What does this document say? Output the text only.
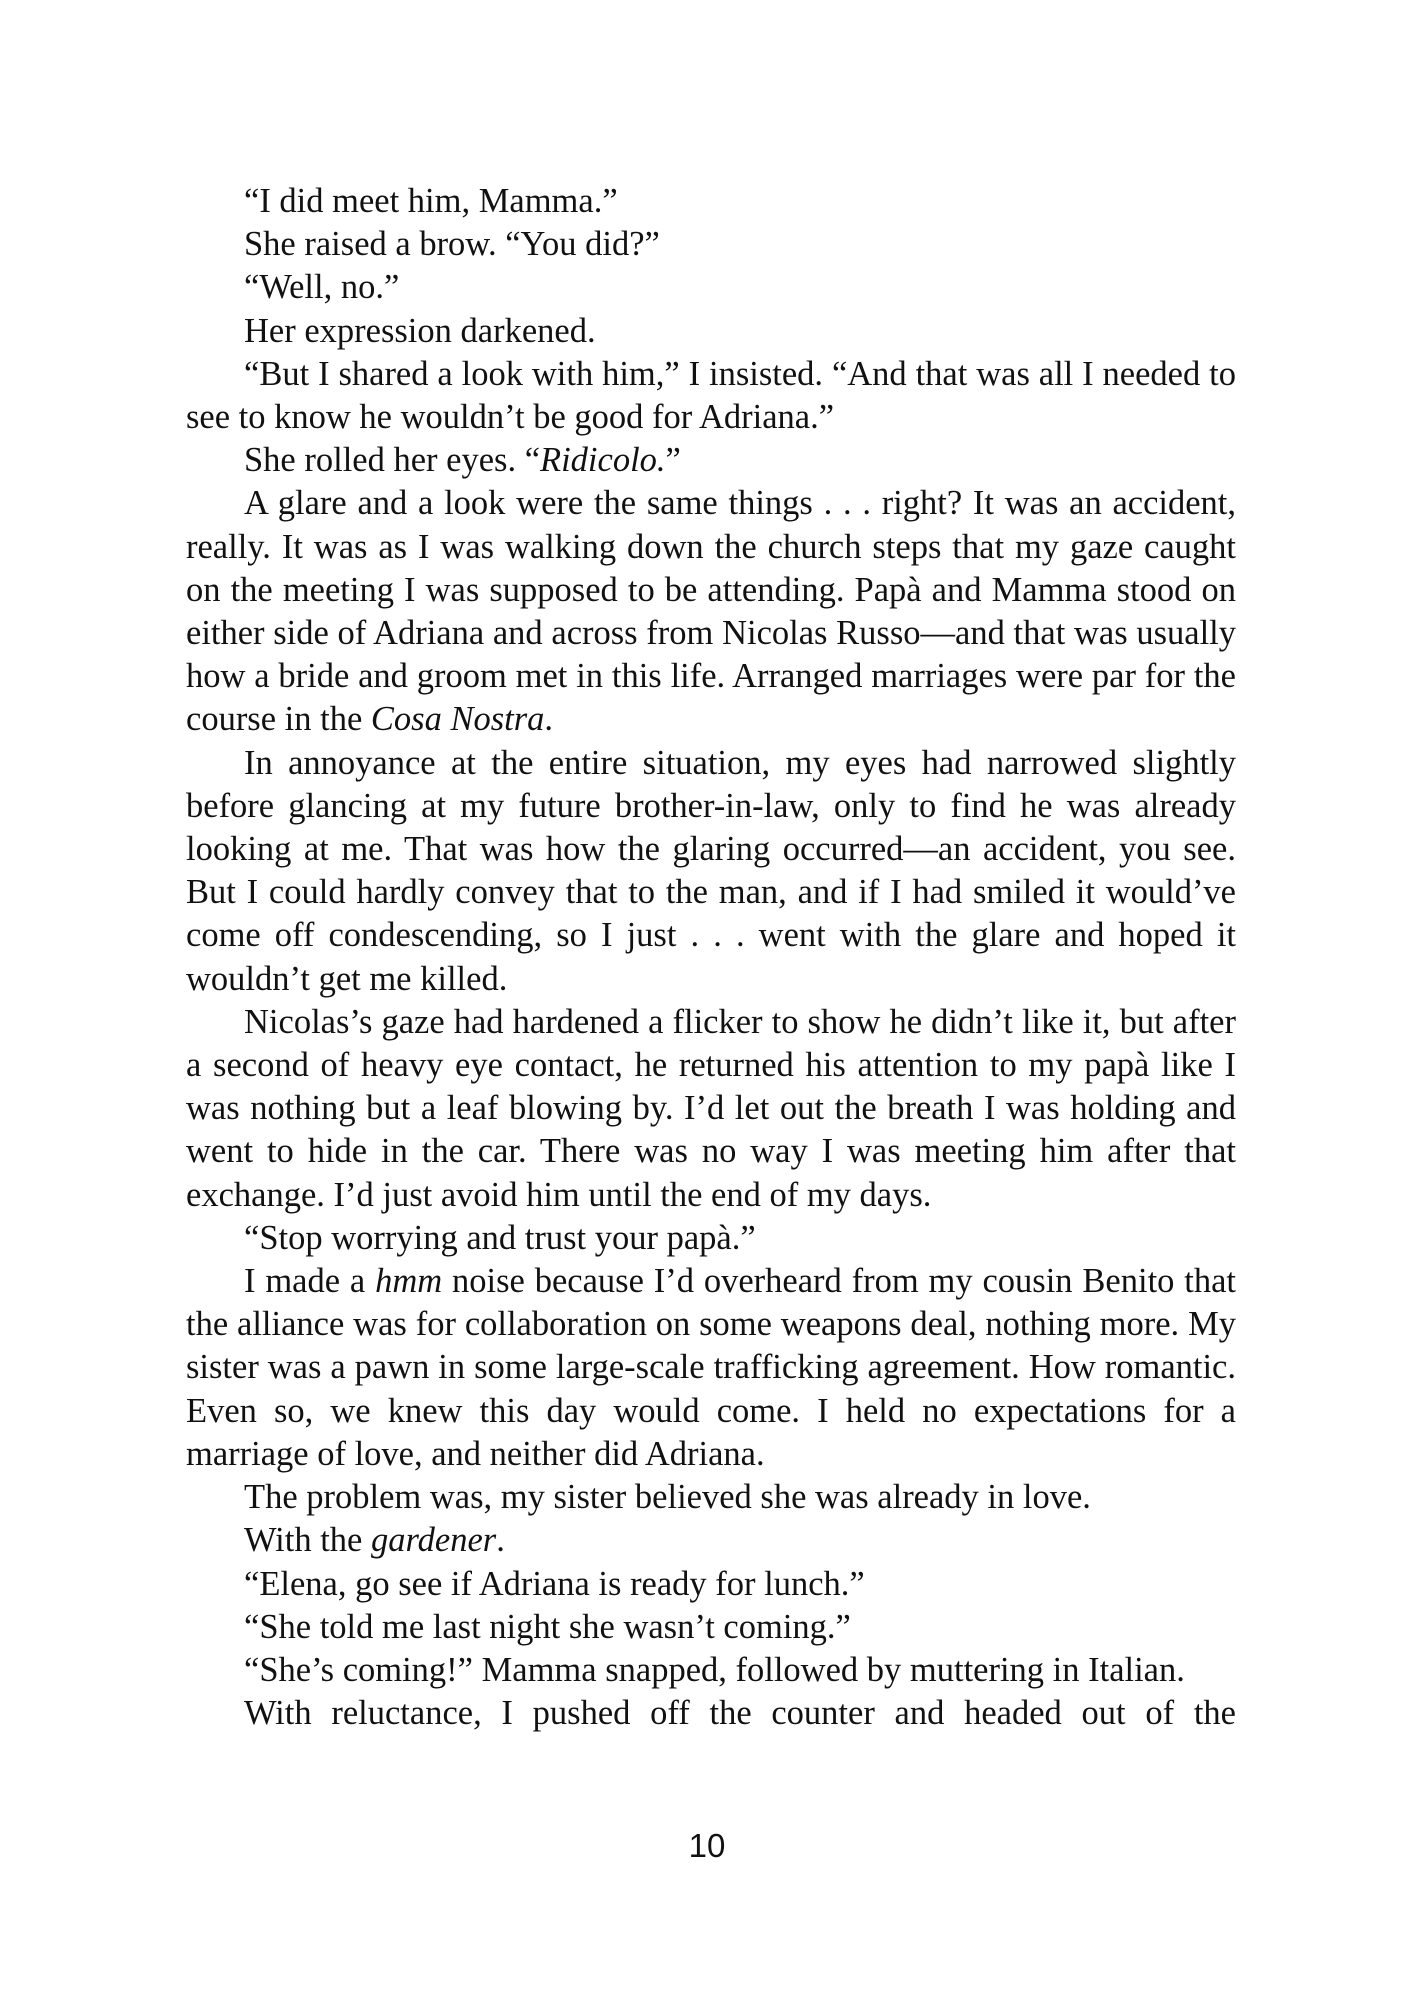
“I did meet him, Mamma.”

She raised a brow. “You did?”

“Well, no.”

Her expression darkened.

“But I shared a look with him,” I insisted. “And that was all I needed to see to know he wouldn’t be good for Adriana.”

She rolled her eyes. “Ridicolo.”

A glare and a look were the same things . . . right? It was an accident, really. It was as I was walking down the church steps that my gaze caught on the meeting I was supposed to be attending. Papà and Mamma stood on either side of Adriana and across from Nicolas Russo—and that was usually how a bride and groom met in this life. Arranged marriages were par for the course in the Cosa Nostra.

In annoyance at the entire situation, my eyes had narrowed slightly before glancing at my future brother-in-law, only to find he was already looking at me. That was how the glaring occurred—an accident, you see. But I could hardly convey that to the man, and if I had smiled it would’ve come off condescending, so I just . . . went with the glare and hoped it wouldn’t get me killed.

Nicolas’s gaze had hardened a flicker to show he didn’t like it, but after a second of heavy eye contact, he returned his attention to my papà like I was nothing but a leaf blowing by. I’d let out the breath I was holding and went to hide in the car. There was no way I was meeting him after that exchange. I’d just avoid him until the end of my days.

“Stop worrying and trust your papà.”

I made a hmm noise because I’d overheard from my cousin Benito that the alliance was for collaboration on some weapons deal, nothing more. My sister was a pawn in some large-scale trafficking agreement. How romantic. Even so, we knew this day would come. I held no expectations for a marriage of love, and neither did Adriana.

The problem was, my sister believed she was already in love.

With the gardener.

“Elena, go see if Adriana is ready for lunch.”

“She told me last night she wasn’t coming.”

“She’s coming!” Mamma snapped, followed by muttering in Italian.

With reluctance, I pushed off the counter and headed out of the

10
